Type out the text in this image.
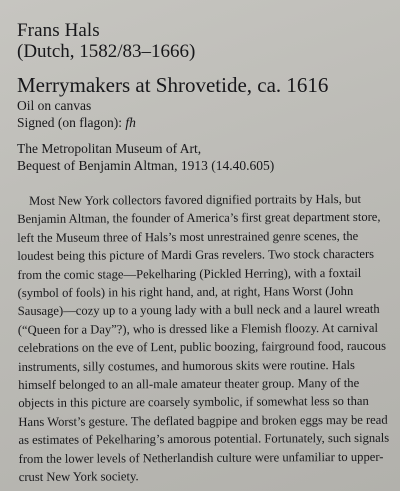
Frans Hals

(Dutch, 1582/83–1666)

Merrymakers at Shrovetide, ca. 1616

Oil on canvas

Signed (on flagon): fh

The Metropolitan Museum of Art,

Bequest of Benjamin Altman, 1913 (14.40.605)

Most New York collectors favored dignified portraits by Hals, but Benjamin Altman, the founder of America’s first great department store, left the Museum three of Hals’s most unrestrained genre scenes, the loudest being this picture of Mardi Gras revelers. Two stock characters from the comic stage—Pekelharing (Pickled Herring), with a foxtail (symbol of fools) in his right hand, and, at right, Hans Worst (John Sausage)—cozy up to a young lady with a bull neck and a laurel wreath (“Queen for a Day”?), who is dressed like a Flemish floozy. At carnival celebrations on the eve of Lent, public boozing, fairground food, raucous instruments, silly costumes, and humorous skits were routine. Hals himself belonged to an all-male amateur theater group. Many of the objects in this picture are coarsely symbolic, if somewhat less so than Hans Worst’s gesture. The deflated bagpipe and broken eggs may be read as estimates of Pekelharing’s amorous potential. Fortunately, such signals from the lower levels of Netherlandish culture were unfamiliar to upper-crust New York society.
